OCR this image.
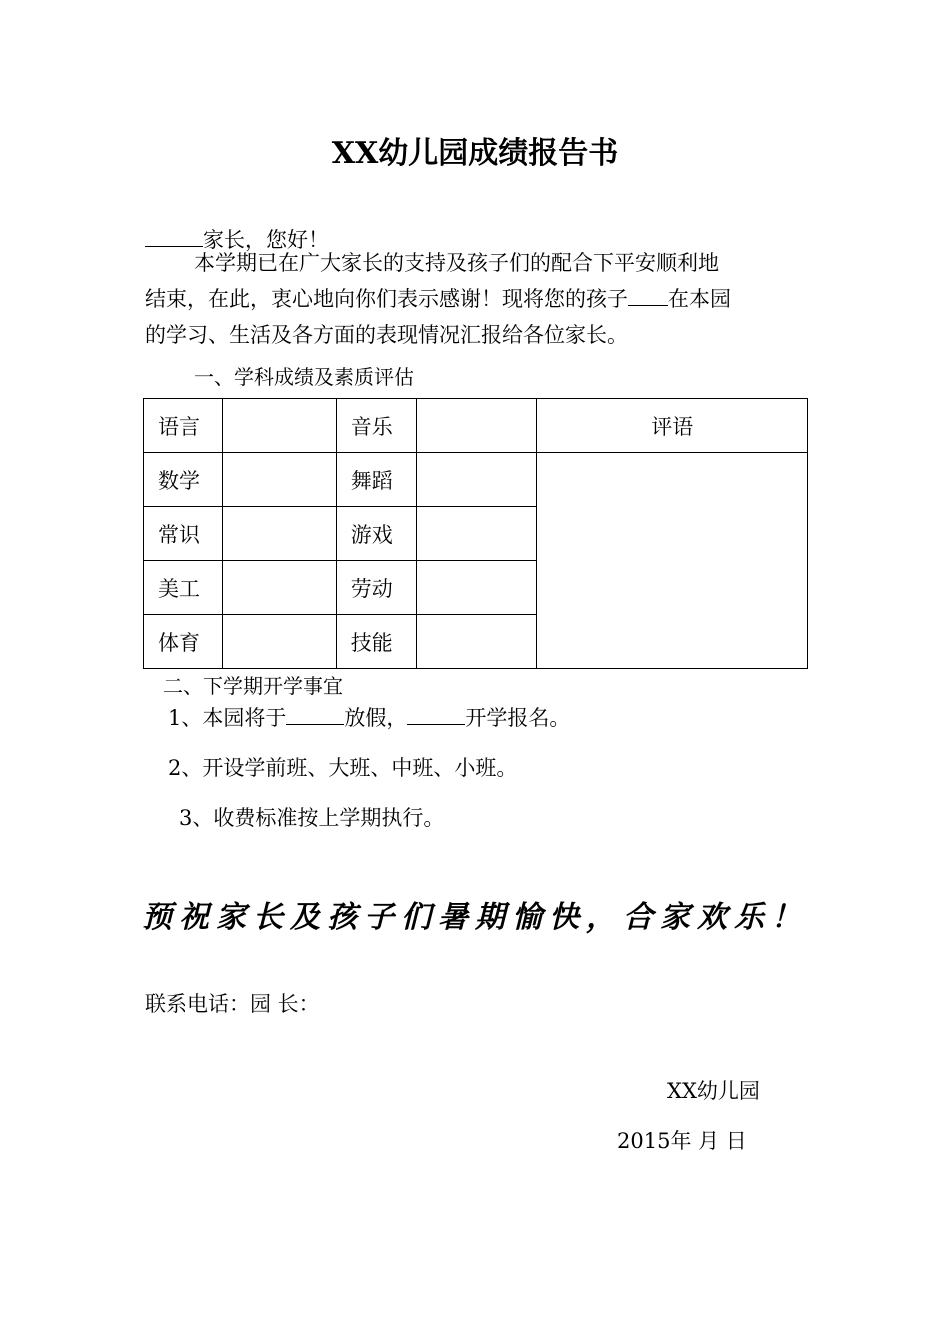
XX幼儿园成绩报告书
家长，您好！
本学期已在广大家长的支持及孩子们的配合下平安顺利地
结束，在此，衷心地向你们表示感谢！现将您的孩子 在本园
的学习、生活及各方面的表现情况汇报给各位家长。
一、学科成绩及素质评估
语言		音乐		评语
数学		舞蹈		
常识		游戏		
美工		劳动		
体育		技能		
二、下学期开学事宜
1、本园将于	放假，	开学报名。
2、开设学前班、大班、中班、小班。
3、收费标准按上学期执行。
预祝家长及孩子们暑期愉快，合家欢乐！
联系电话：园 长：
XX幼儿园
2015年 月 日
